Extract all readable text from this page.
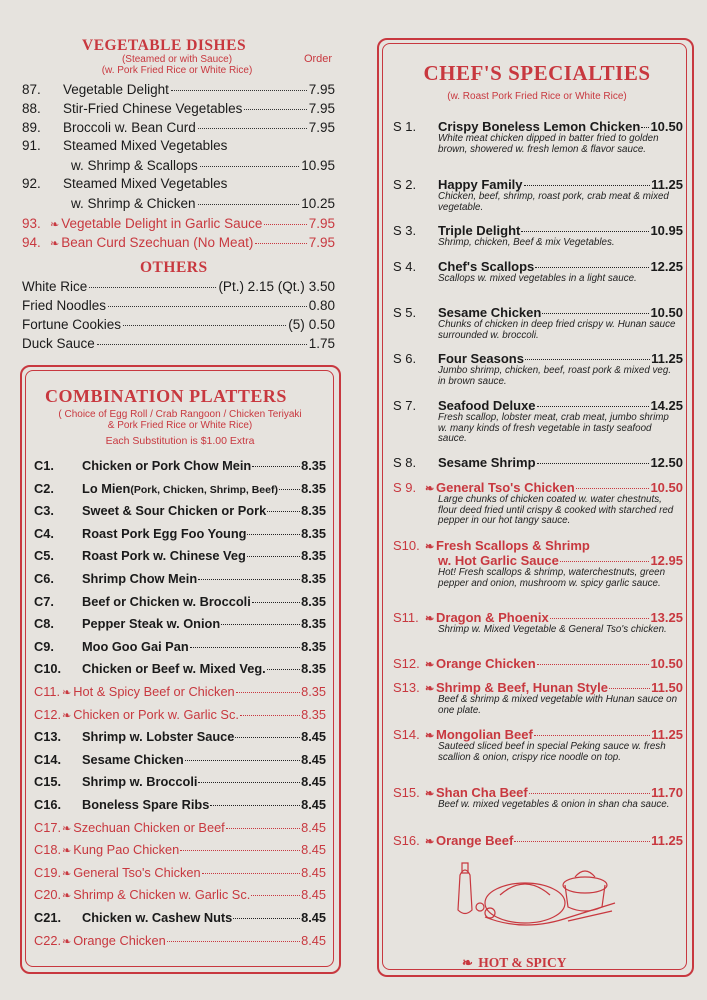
VEGETABLE DISHES
(Steamed or with Sauce)
(w. Pork Fried Rice or White Rice)
Order
87.	Vegetable Delight	7.95
88.	Stir-Fried Chinese Vegetables	7.95
89.	Broccoli w. Bean Curd	7.95
91.	Steamed Mixed Vegetables
w. Shrimp & Scallops	10.95
92.	Steamed Mixed Vegetables
w. Shrimp & Chicken	10.25
93. ❧ Vegetable Delight in Garlic Sauce	7.95
94. ❧ Bean Curd Szechuan (No Meat)	7.95
OTHERS
White Rice	(Pt.) 2.15 (Qt.) 3.50
Fried Noodles	0.80
Fortune Cookies	(5) 0.50
Duck Sauce	1.75
COMBINATION PLATTERS
( Choice of Egg Roll / Crab Rangoon / Chicken Teriyaki
& Pork Fried Rice or White Rice)
Each Substitution is $1.00 Extra
C1.	Chicken or Pork Chow Mein	8.35
C2.	Lo Mien (Pork, Chicken, Shrimp, Beef) 8.35
C3.	Sweet & Sour Chicken or Pork	8.35
C4.	Roast Pork Egg Foo Young	8.35
C5.	Roast Pork w. Chinese Veg	8.35
C6.	Shrimp Chow Mein	8.35
C7.	Beef or Chicken w. Broccoli	8.35
C8.	Pepper Steak w. Onion	8.35
C9.	Moo Goo Gai Pan	8.35
C10.	Chicken or Beef w. Mixed Veg.	8.35
C11. ❧ Hot & Spicy Beef or Chicken	8.35
C12. ❧ Chicken or Pork w. Garlic Sc.	8.35
C13.	Shrimp w. Lobster Sauce	8.45
C14.	Sesame Chicken	8.45
C15.	Shrimp w. Broccoli	8.45
C16.	Boneless Spare Ribs	8.45
C17. ❧ Szechuan Chicken or Beef	8.45
C18. ❧ Kung Pao Chicken	8.45
C19. ❧ General Tso's Chicken	8.45
C20. ❧ Shrimp & Chicken w. Garlic Sc.	8.45
C21.	Chicken w. Cashew Nuts	8.45
C22. ❧ Orange Chicken	8.45
CHEF'S SPECIALTIES
(w. Roast Pork Fried Rice or White Rice)
S 1.	Crispy Boneless Lemon Chicken 10.50
White meat chicken dipped in batter fried to golden brown, showered w. fresh lemon & flavor sauce.
S 2.	Happy Family	11.25
Chicken, beef, shrimp, roast pork, crab meat & mixed vegetable.
S 3.	Triple Delight	10.95
Shrimp, chicken, Beef & mix Vegetables.
S 4.	Chef's Scallops	12.25
Scallops w. mixed vegetables in a light sauce.
S 5.	Sesame Chicken	10.50
Chunks of chicken in deep fried crispy w. Hunan sauce surrounded w. broccoli.
S 6.	Four Seasons	11.25
Jumbo shrimp, chicken, beef, roast pork & mixed veg. in brown sauce.
S 7.	Seafood Deluxe	14.25
Fresh scallop, lobster meat, crab meat, jumbo shrimp w. many kinds of fresh vegetable in tasty seafood sauce.
S 8.	Sesame Shrimp	12.50
S 9. ❧ General Tso's Chicken	10.50
Large chunks of chicken coated w. water chestnuts, flour deed fried until crispy & cooked with starched red pepper in our hot tangy sauce.
S10. ❧ Fresh Scallops & Shrimp
w. Hot Garlic Sauce	12.95
Hot! Fresh scallops & shrimp, waterchestnuts, green pepper and onion, mushroom w. spicy garlic sauce.
S11. ❧ Dragon & Phoenix	13.25
Shrimp w. Mixed Vegetable & General Tso's chicken.
S12. ❧ Orange Chicken	10.50
S13. ❧ Shrimp & Beef, Hunan Style	11.50
Beef & shrimp & mixed vegetable with Hunan sauce on one plate.
S14. ❧ Mongolian Beef	11.25
Sauteed sliced beef in special Peking sauce w. fresh scallion & onion, crispy rice noodle on top.
S15. ❧ Shan Cha Beef	11.70
Beef w. mixed vegetables & onion in shan cha sauce.
S16. ❧ Orange Beef	11.25
❧ HOT & SPICY
